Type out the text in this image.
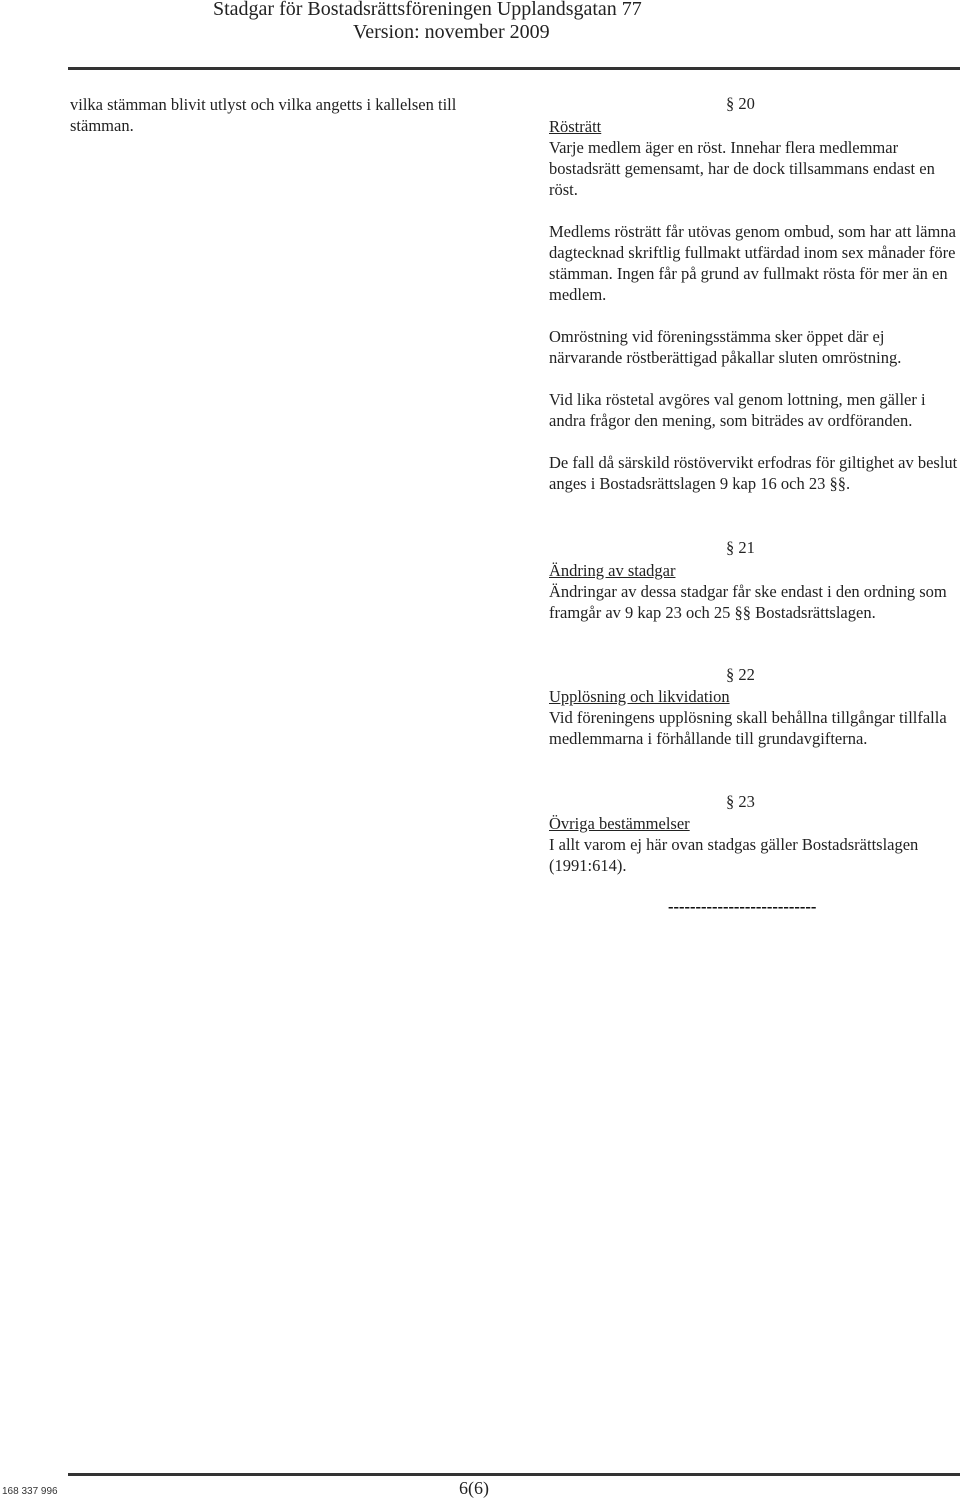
Stadgar för Bostadsrättsföreningen Upplandsgatan 77
Version: november 2009
vilka stämman blivit utlyst och vilka angetts i kallelsen till stämman.
§ 20
Rösträtt

Varje medlem äger en röst. Innehar flera medlemmar bostadsrätt gemensamt, har de dock tillsammans endast en röst.

Medlems rösträtt får utövas genom ombud, som har att lämna dagtecknad skriftlig fullmakt utfärdad inom sex månader före stämman. Ingen får på grund av fullmakt rösta för mer än en medlem.

Omröstning vid föreningsstämma sker öppet där ej närvarande röstberättigad påkallar sluten omröstning.

Vid lika röstetal avgöres val genom lottning, men gäller i andra frågor den mening, som biträdes av ordföranden.

De fall då särskild röstövervikt erfodras för giltighet av beslut anges i Bostadsrättslagen 9 kap 16 och 23 §§.

§ 21
Ändring av stadgar

Ändringar av dessa stadgar får ske endast i den ordning som framgår av 9 kap 23 och 25 §§ Bostadsrättslagen.

§ 22
Upplösning och likvidation

Vid föreningens upplösning skall behållna tillgångar tillfalla medlemmarna i förhållande till grundavgifterna.

§ 23
Övriga bestämmelser

I allt varom ej här ovan stadgas gäller Bostadsrättslagen (1991:614).

---------------------------
168 337 996	6(6)
